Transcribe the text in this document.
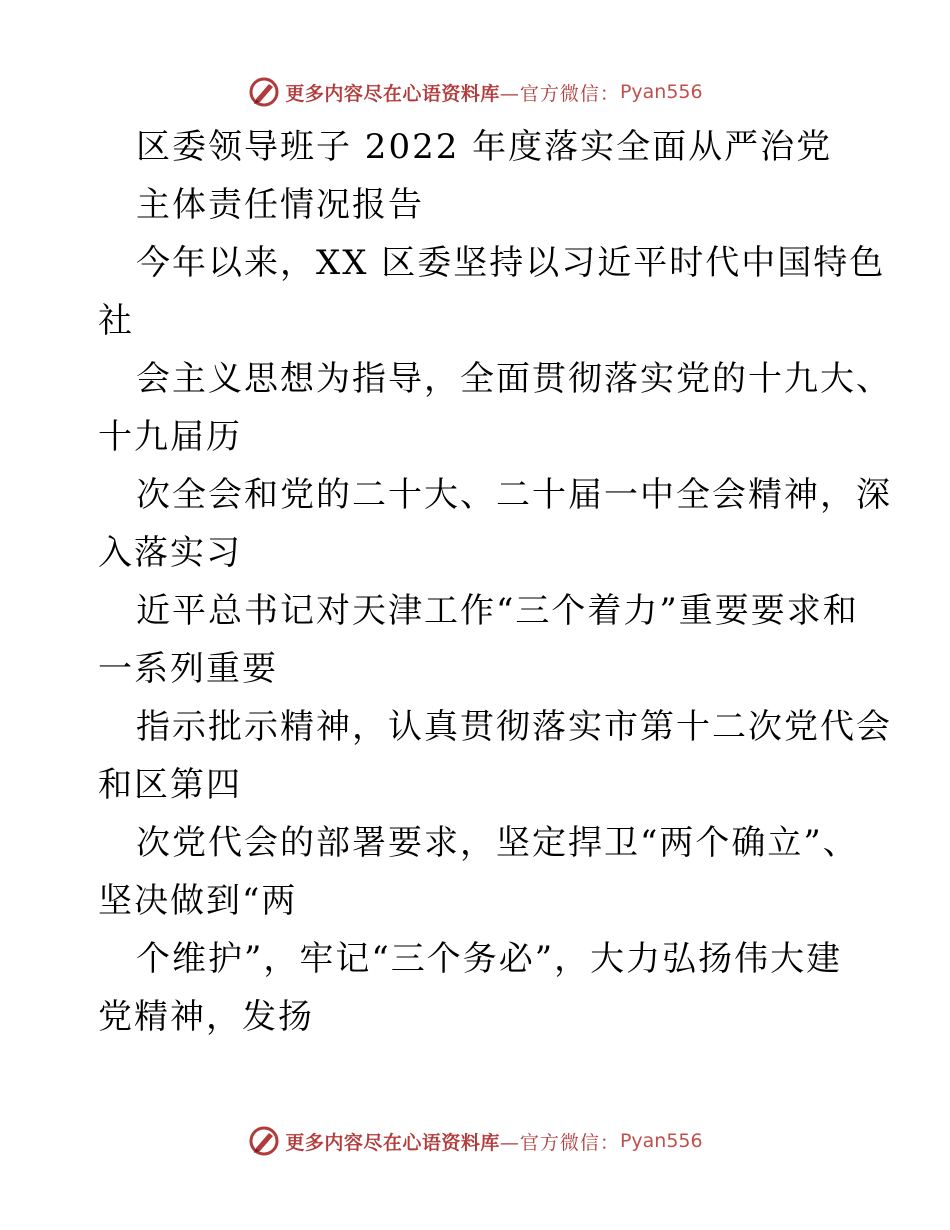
更多内容尽在心语资料库 —官方微信： Pyan556
区委领导班子 2022 年度落实全面从严治党
主体责任情况报告
今年以来，XX 区委坚持以习近平时代中国特色
社
会主义思想为指导，全面贯彻落实党的十九大、
十九届历
次全会和党的二十大、二十届一中全会精神，深
入落实习
近平总书记对天津工作“三个着力”重要要求和
一系列重要
指示批示精神，认真贯彻落实市第十二次党代会
和区第四
次党代会的部署要求，坚定捍卫“两个确立”、
坚决做到“两
个维护”，牢记“三个务必”，大力弘扬伟大建
党精神，发扬
更多内容尽在心语资料库 —官方微信： Pyan556
